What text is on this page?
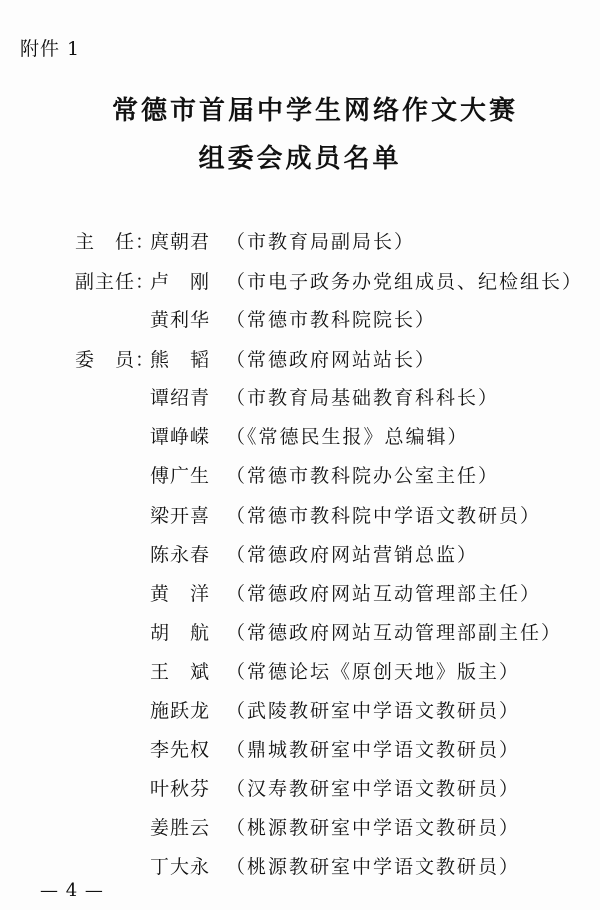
附件 1
常德市首届中学生网络作文大赛
组委会成员名单
主　任：
庹朝君 （市教育局副局长）
副主任：
卢　刚 （市电子政务办党组成员、纪检组长）
黄利华 （常德市教科院院长）
委　员：
熊　韬 （常德政府网站站长）
谭绍青 （市教育局基础教育科科长）
谭峥嵘 （《常德民生报》总编辑）
傅广生 （常德市教科院办公室主任）
梁开喜 （常德市教科院中学语文教研员）
陈永春 （常德政府网站营销总监）
黄　洋 （常德政府网站互动管理部主任）
胡　航 （常德政府网站互动管理部副主任）
王　斌 （常德论坛《原创天地》版主）
施跃龙 （武陵教研室中学语文教研员）
李先权 （鼎城教研室中学语文教研员）
叶秋芬 （汉寿教研室中学语文教研员）
姜胜云 （桃源教研室中学语文教研员）
丁大永 （桃源教研室中学语文教研员）
— 4 —
